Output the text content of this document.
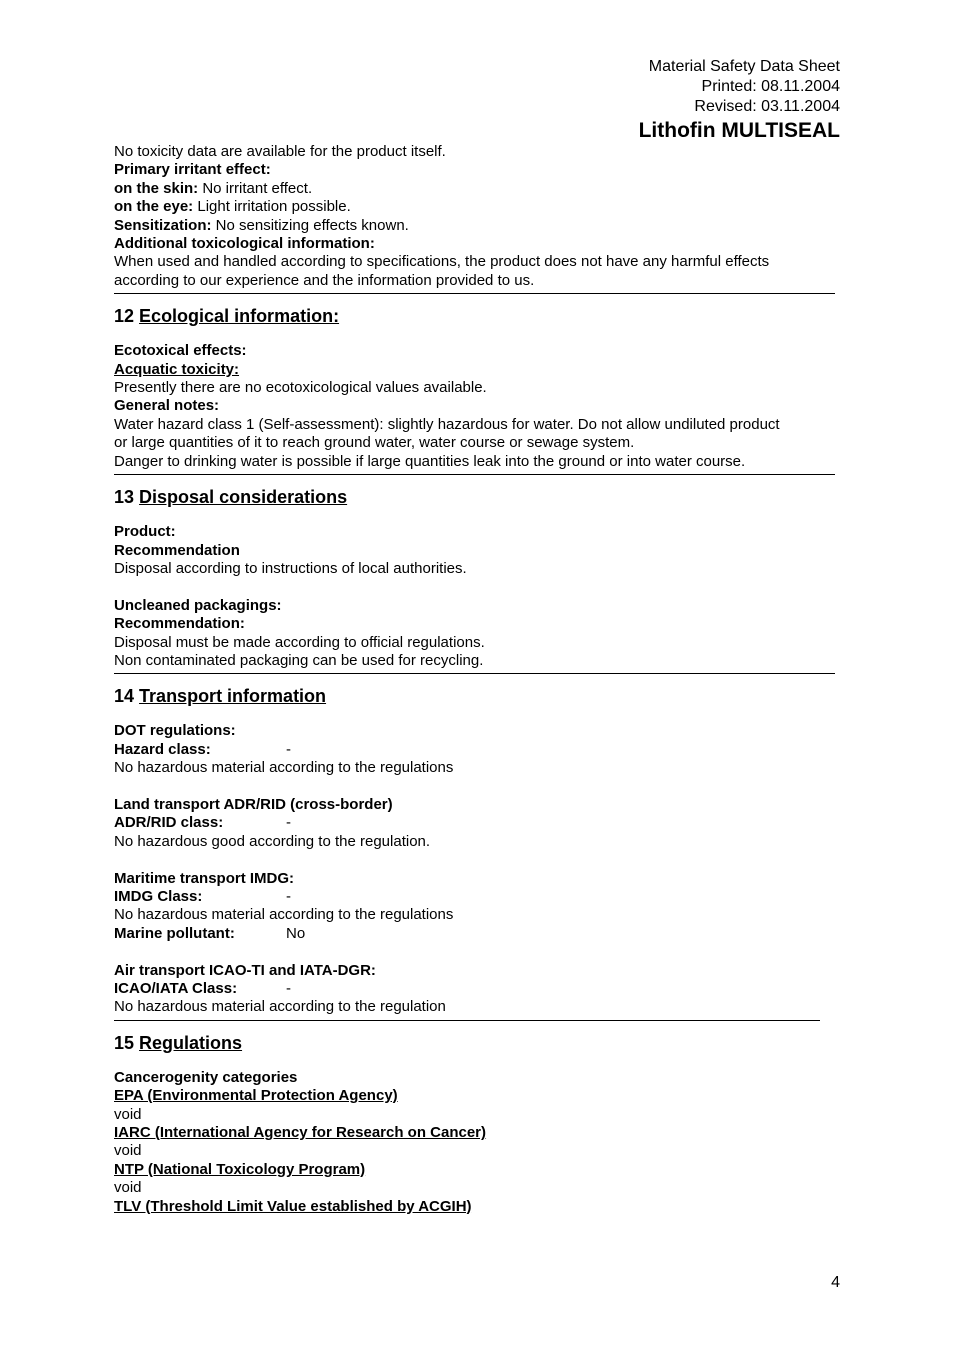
Material Safety Data Sheet
Printed: 08.11.2004
Revised: 03.11.2004
Lithofin MULTISEAL
No toxicity data are available for the product itself.
Primary irritant effect:
on the skin: No irritant effect.
on the eye: Light irritation possible.
Sensitization: No sensitizing effects known.
Additional toxicological information:
When used and handled according to specifications, the product does not have any harmful effects
according to our experience and the information provided to us.
12 Ecological information:
Ecotoxical effects:
Acquatic toxicity:
Presently there are no ecotoxicological values available.
General notes:
Water hazard class 1 (Self-assessment): slightly hazardous for water. Do not allow undiluted product
or large quantities of it to reach ground water, water course or sewage system.
Danger to drinking water is possible if large quantities leak into the ground or into water course.
13 Disposal considerations
Product:
Recommendation
Disposal according to instructions of local authorities.
Uncleaned packagings:
Recommendation:
Disposal must be made according to official regulations.
Non contaminated packaging can be used for recycling.
14 Transport information
DOT regulations:
Hazard class:	-
No hazardous material according to the regulations
Land transport ADR/RID (cross-border)
ADR/RID class:	-
No hazardous good according to the regulation.
Maritime transport IMDG:
IMDG Class:	-
No hazardous material according to the regulations
Marine pollutant:	No
Air transport ICAO-TI and IATA-DGR:
ICAO/IATA Class:	-
No hazardous material according to the regulation
15 Regulations
Cancerogenity categories
EPA (Environmental Protection Agency)
void
IARC (International Agency for Research on Cancer)
void
NTP (National Toxicology Program)
void
TLV (Threshold Limit Value established by ACGIH)
4
